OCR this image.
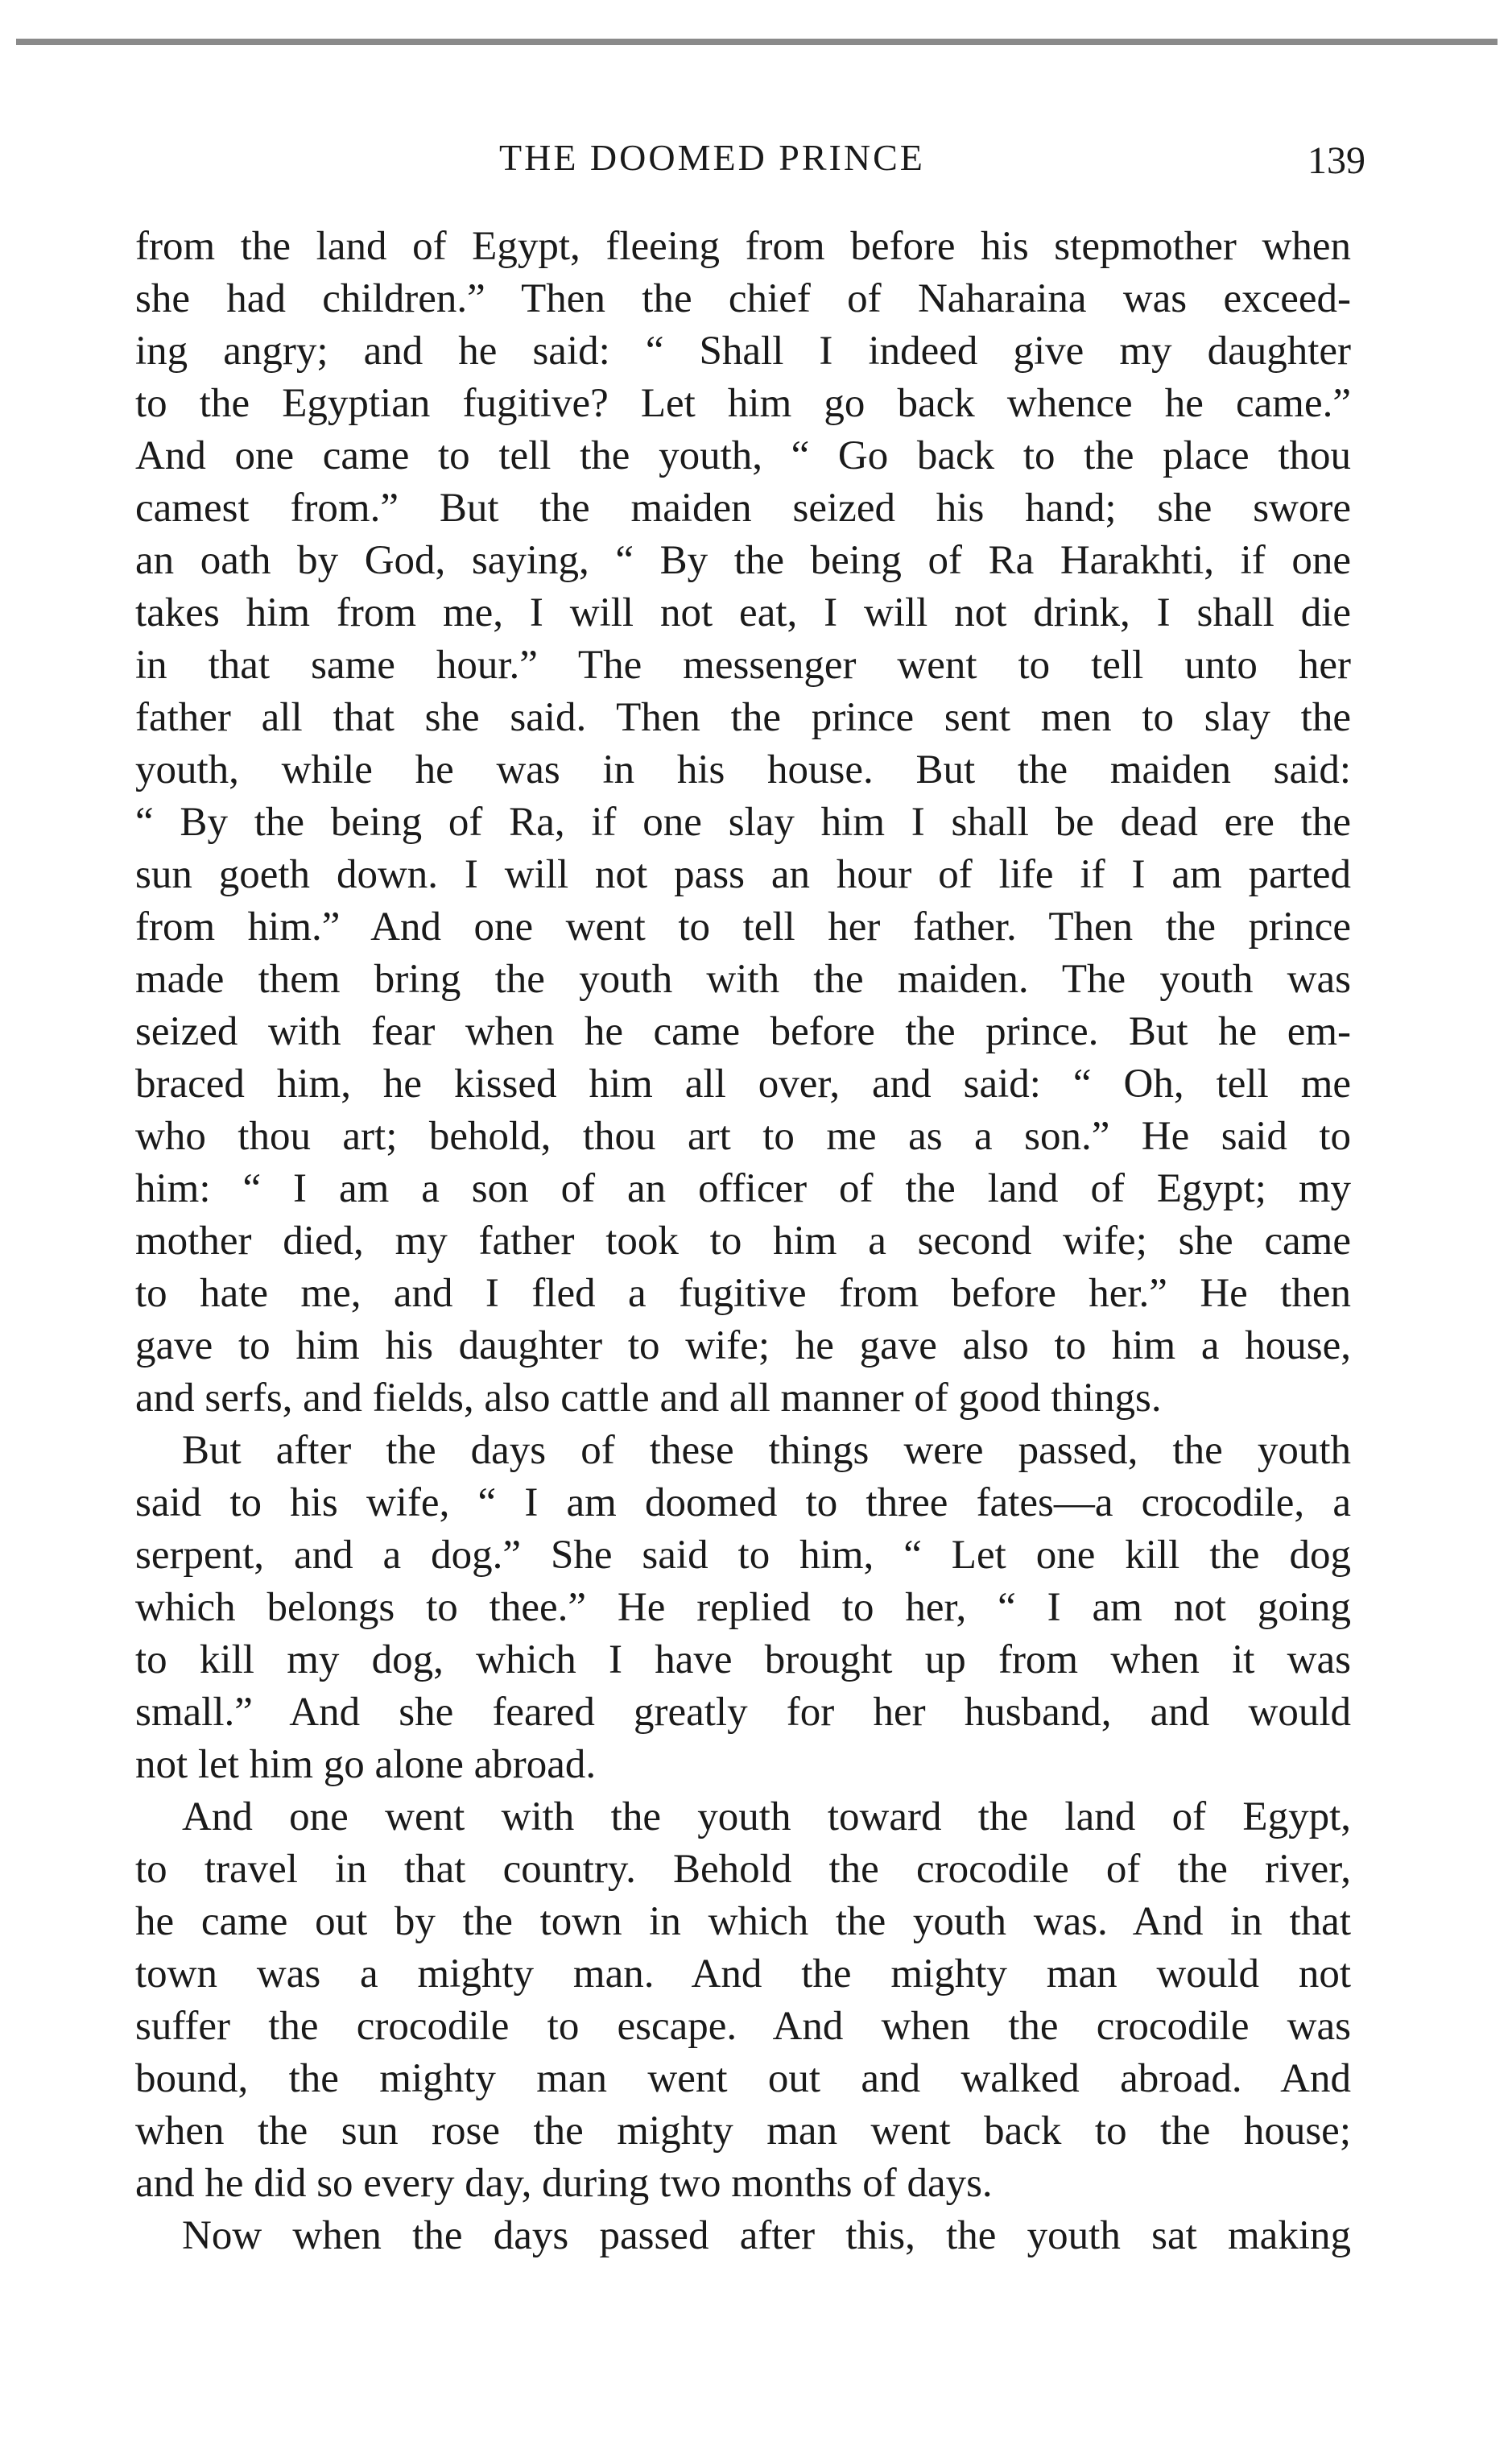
THE DOOMED PRINCE	139
from the land of Egypt, fleeing from before his stepmother when
she had children.” Then the chief of Naharaina was exceed-
ing angry; and he said: “ Shall I indeed give my daughter
to the Egyptian fugitive? Let him go back whence he came.”
And one came to tell the youth, “ Go back to the place thou
camest from.” But the maiden seized his hand; she swore
an oath by God, saying, “ By the being of Ra Harakhti, if one
takes him from me, I will not eat, I will not drink, I shall die
in that same hour.” The messenger went to tell unto her
father all that she said. Then the prince sent men to slay the
youth, while he was in his house. But the maiden said:
“ By the being of Ra, if one slay him I shall be dead ere the
sun goeth down. I will not pass an hour of life if I am parted
from him.” And one went to tell her father. Then the prince
made them bring the youth with the maiden. The youth was
seized with fear when he came before the prince. But he em-
braced him, he kissed him all over, and said: “ Oh, tell me
who thou art; behold, thou art to me as a son.” He said to
him: “ I am a son of an officer of the land of Egypt; my
mother died, my father took to him a second wife; she came
to hate me, and I fled a fugitive from before her.” He then
gave to him his daughter to wife; he gave also to him a house,
and serfs, and fields, also cattle and all manner of good things.
But after the days of these things were passed, the youth
said to his wife, “ I am doomed to three fates—a crocodile, a
serpent, and a dog.” She said to him, “ Let one kill the dog
which belongs to thee.” He replied to her, “ I am not going
to kill my dog, which I have brought up from when it was
small.” And she feared greatly for her husband, and would
not let him go alone abroad.
And one went with the youth toward the land of Egypt,
to travel in that country. Behold the crocodile of the river,
he came out by the town in which the youth was. And in that
town was a mighty man. And the mighty man would not
suffer the crocodile to escape. And when the crocodile was
bound, the mighty man went out and walked abroad. And
when the sun rose the mighty man went back to the house;
and he did so every day, during two months of days.
Now when the days passed after this, the youth sat making
